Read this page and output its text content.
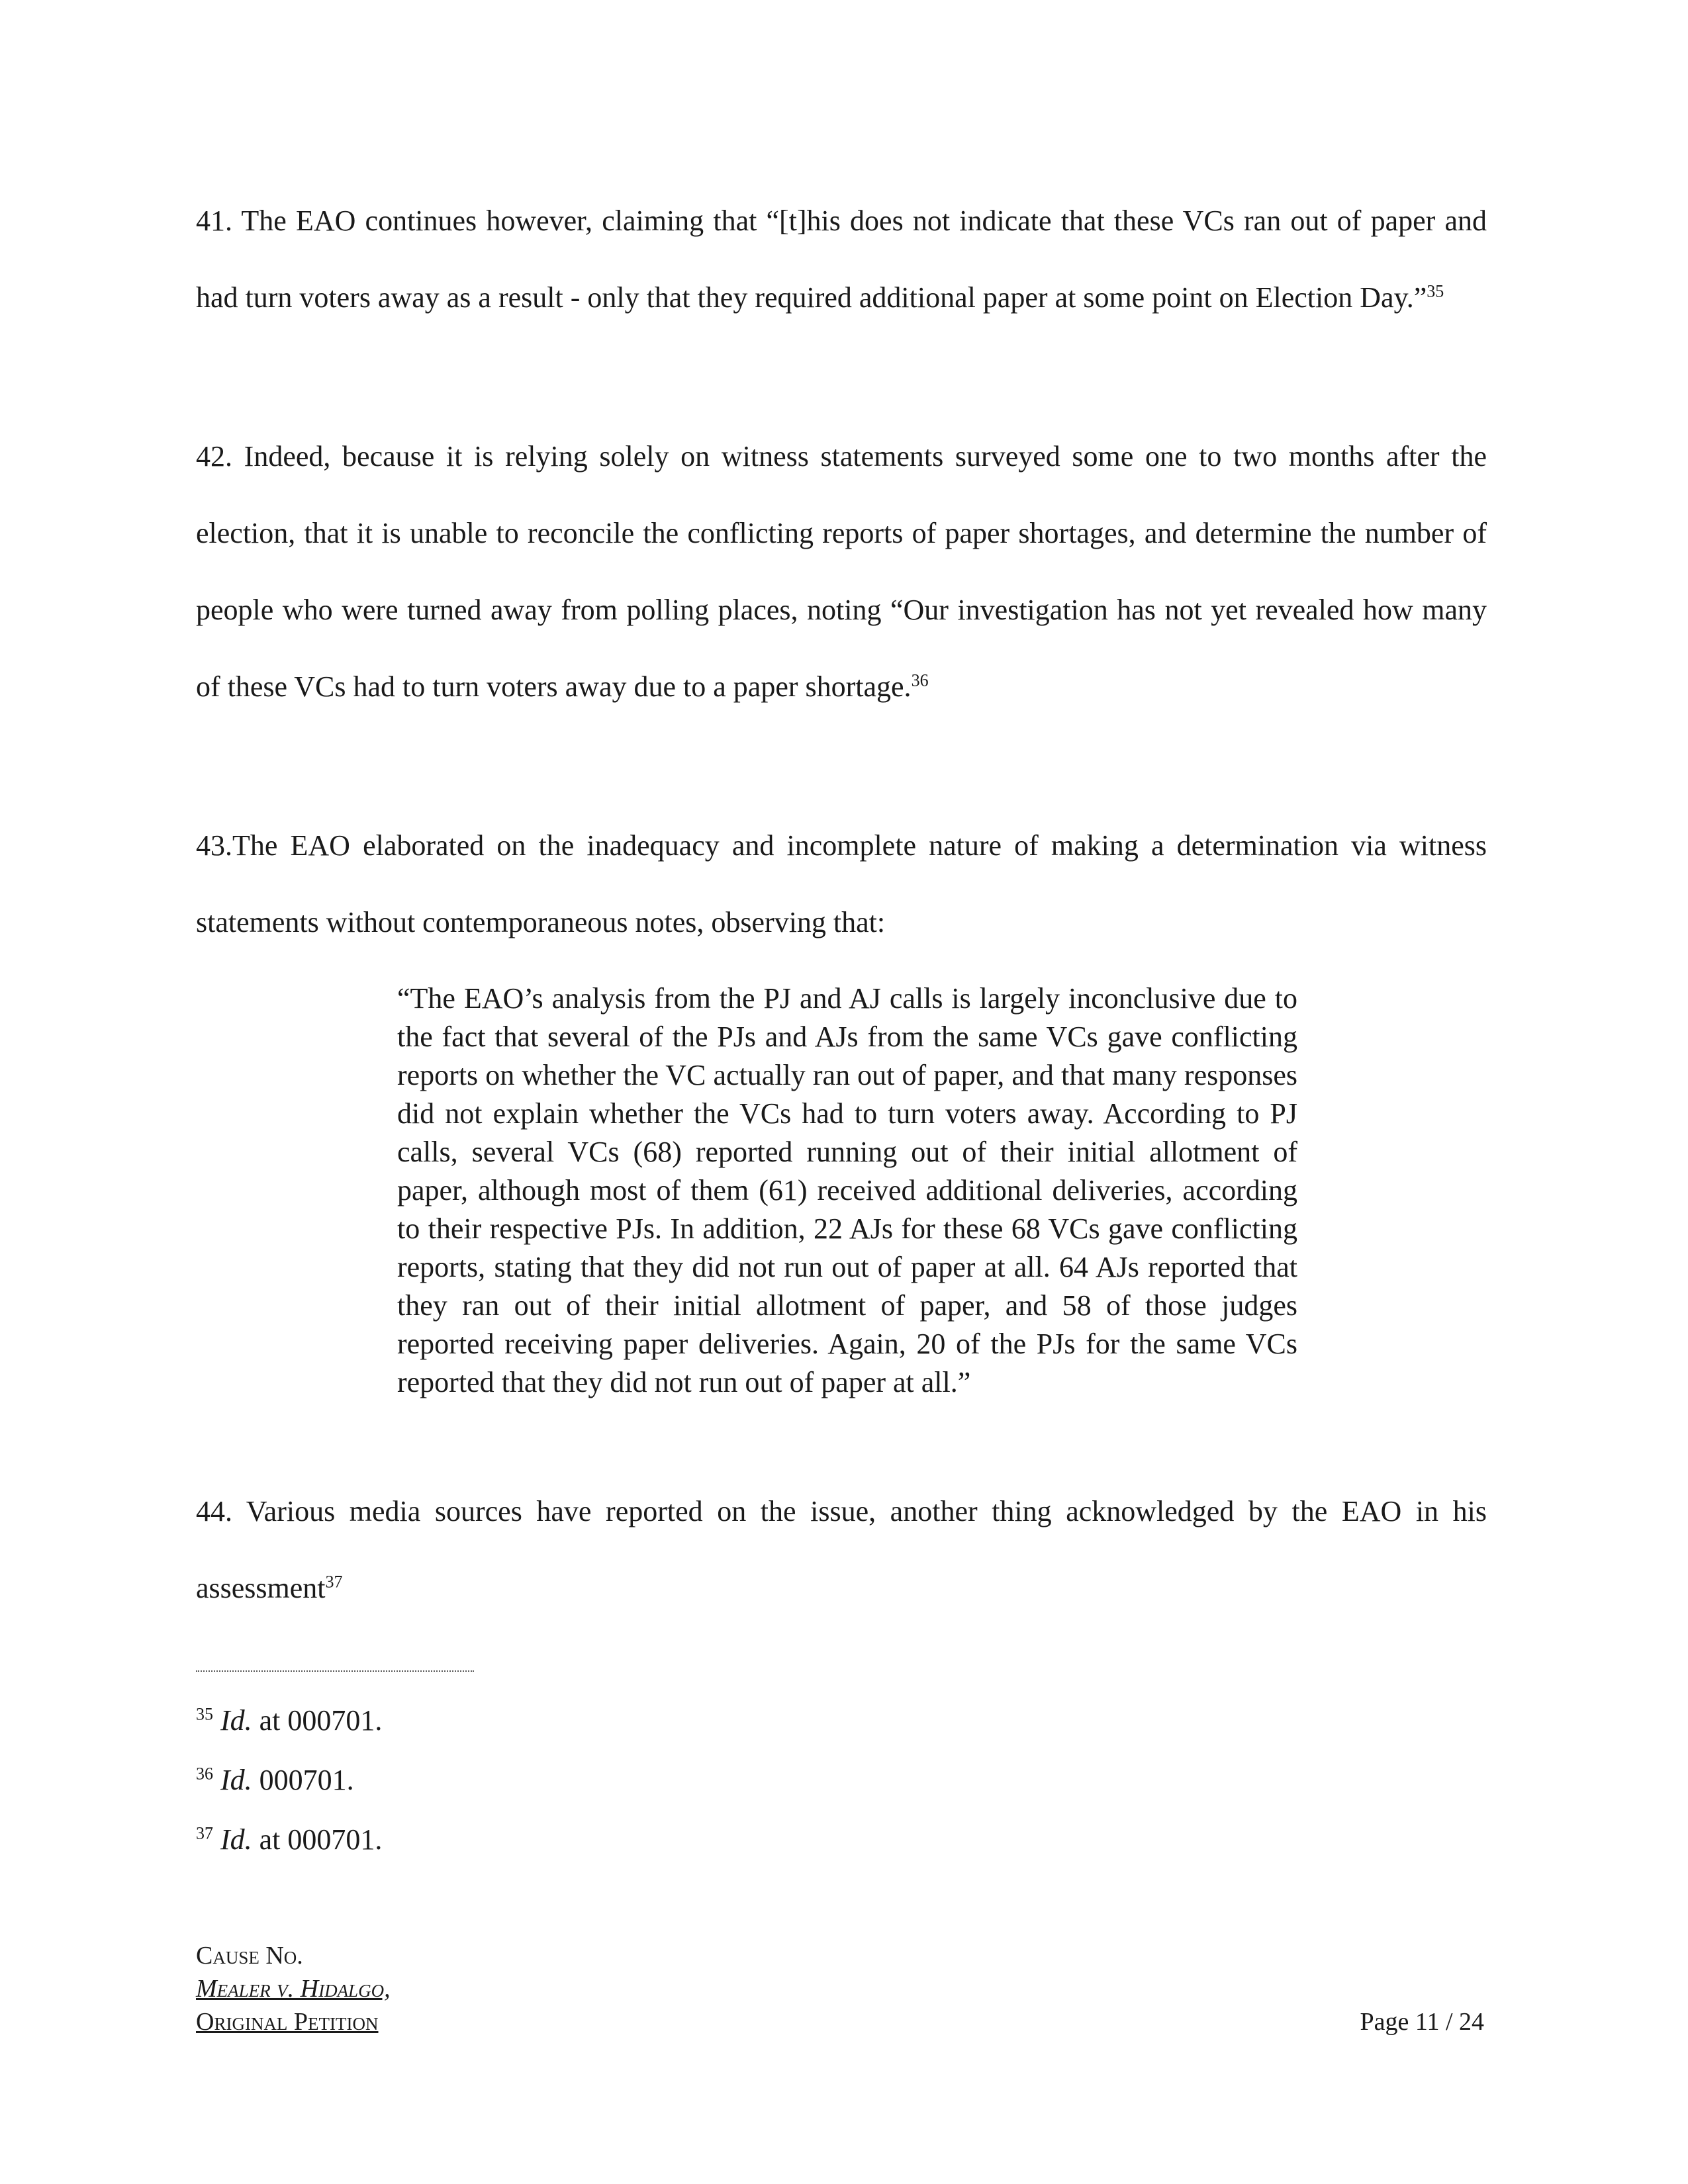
41. The EAO continues however, claiming that “[t]his does not indicate that these VCs ran out of paper and had turn voters away as a result - only that they required additional paper at some point on Election Day.”$^{35}$
42. Indeed, because it is relying solely on witness statements surveyed some one to two months after the election, that it is unable to reconcile the conflicting reports of paper shortages, and determine the number of people who were turned away from polling places, noting “Our investigation has not yet revealed how many of these VCs had to turn voters away due to a paper shortage.$^{36}$
43.The EAO elaborated on the inadequacy and incomplete nature of making a determination via witness statements without contemporaneous notes, observing that:
“The EAO’s analysis from the PJ and AJ calls is largely inconclusive due to the fact that several of the PJs and AJs from the same VCs gave conflicting reports on whether the VC actually ran out of paper, and that many responses did not explain whether the VCs had to turn voters away. According to PJ calls, several VCs (68) reported running out of their initial allotment of paper, although most of them (61) received additional deliveries, according to their respective PJs. In addition, 22 AJs for these 68 VCs gave conflicting reports, stating that they did not run out of paper at all. 64 AJs reported that they ran out of their initial allotment of paper, and 58 of those judges reported receiving paper deliveries. Again, 20 of the PJs for the same VCs reported that they did not run out of paper at all.”
44. Various media sources have reported on the issue, another thing acknowledged by the EAO in his assessment$^{37}$
$^{35}$ Id. at 000701.
$^{36}$ Id. 000701.
$^{37}$ Id. at 000701.
Cause No.
Mealer v. Hidalgo,
Original Petition	Page 11 / 24
